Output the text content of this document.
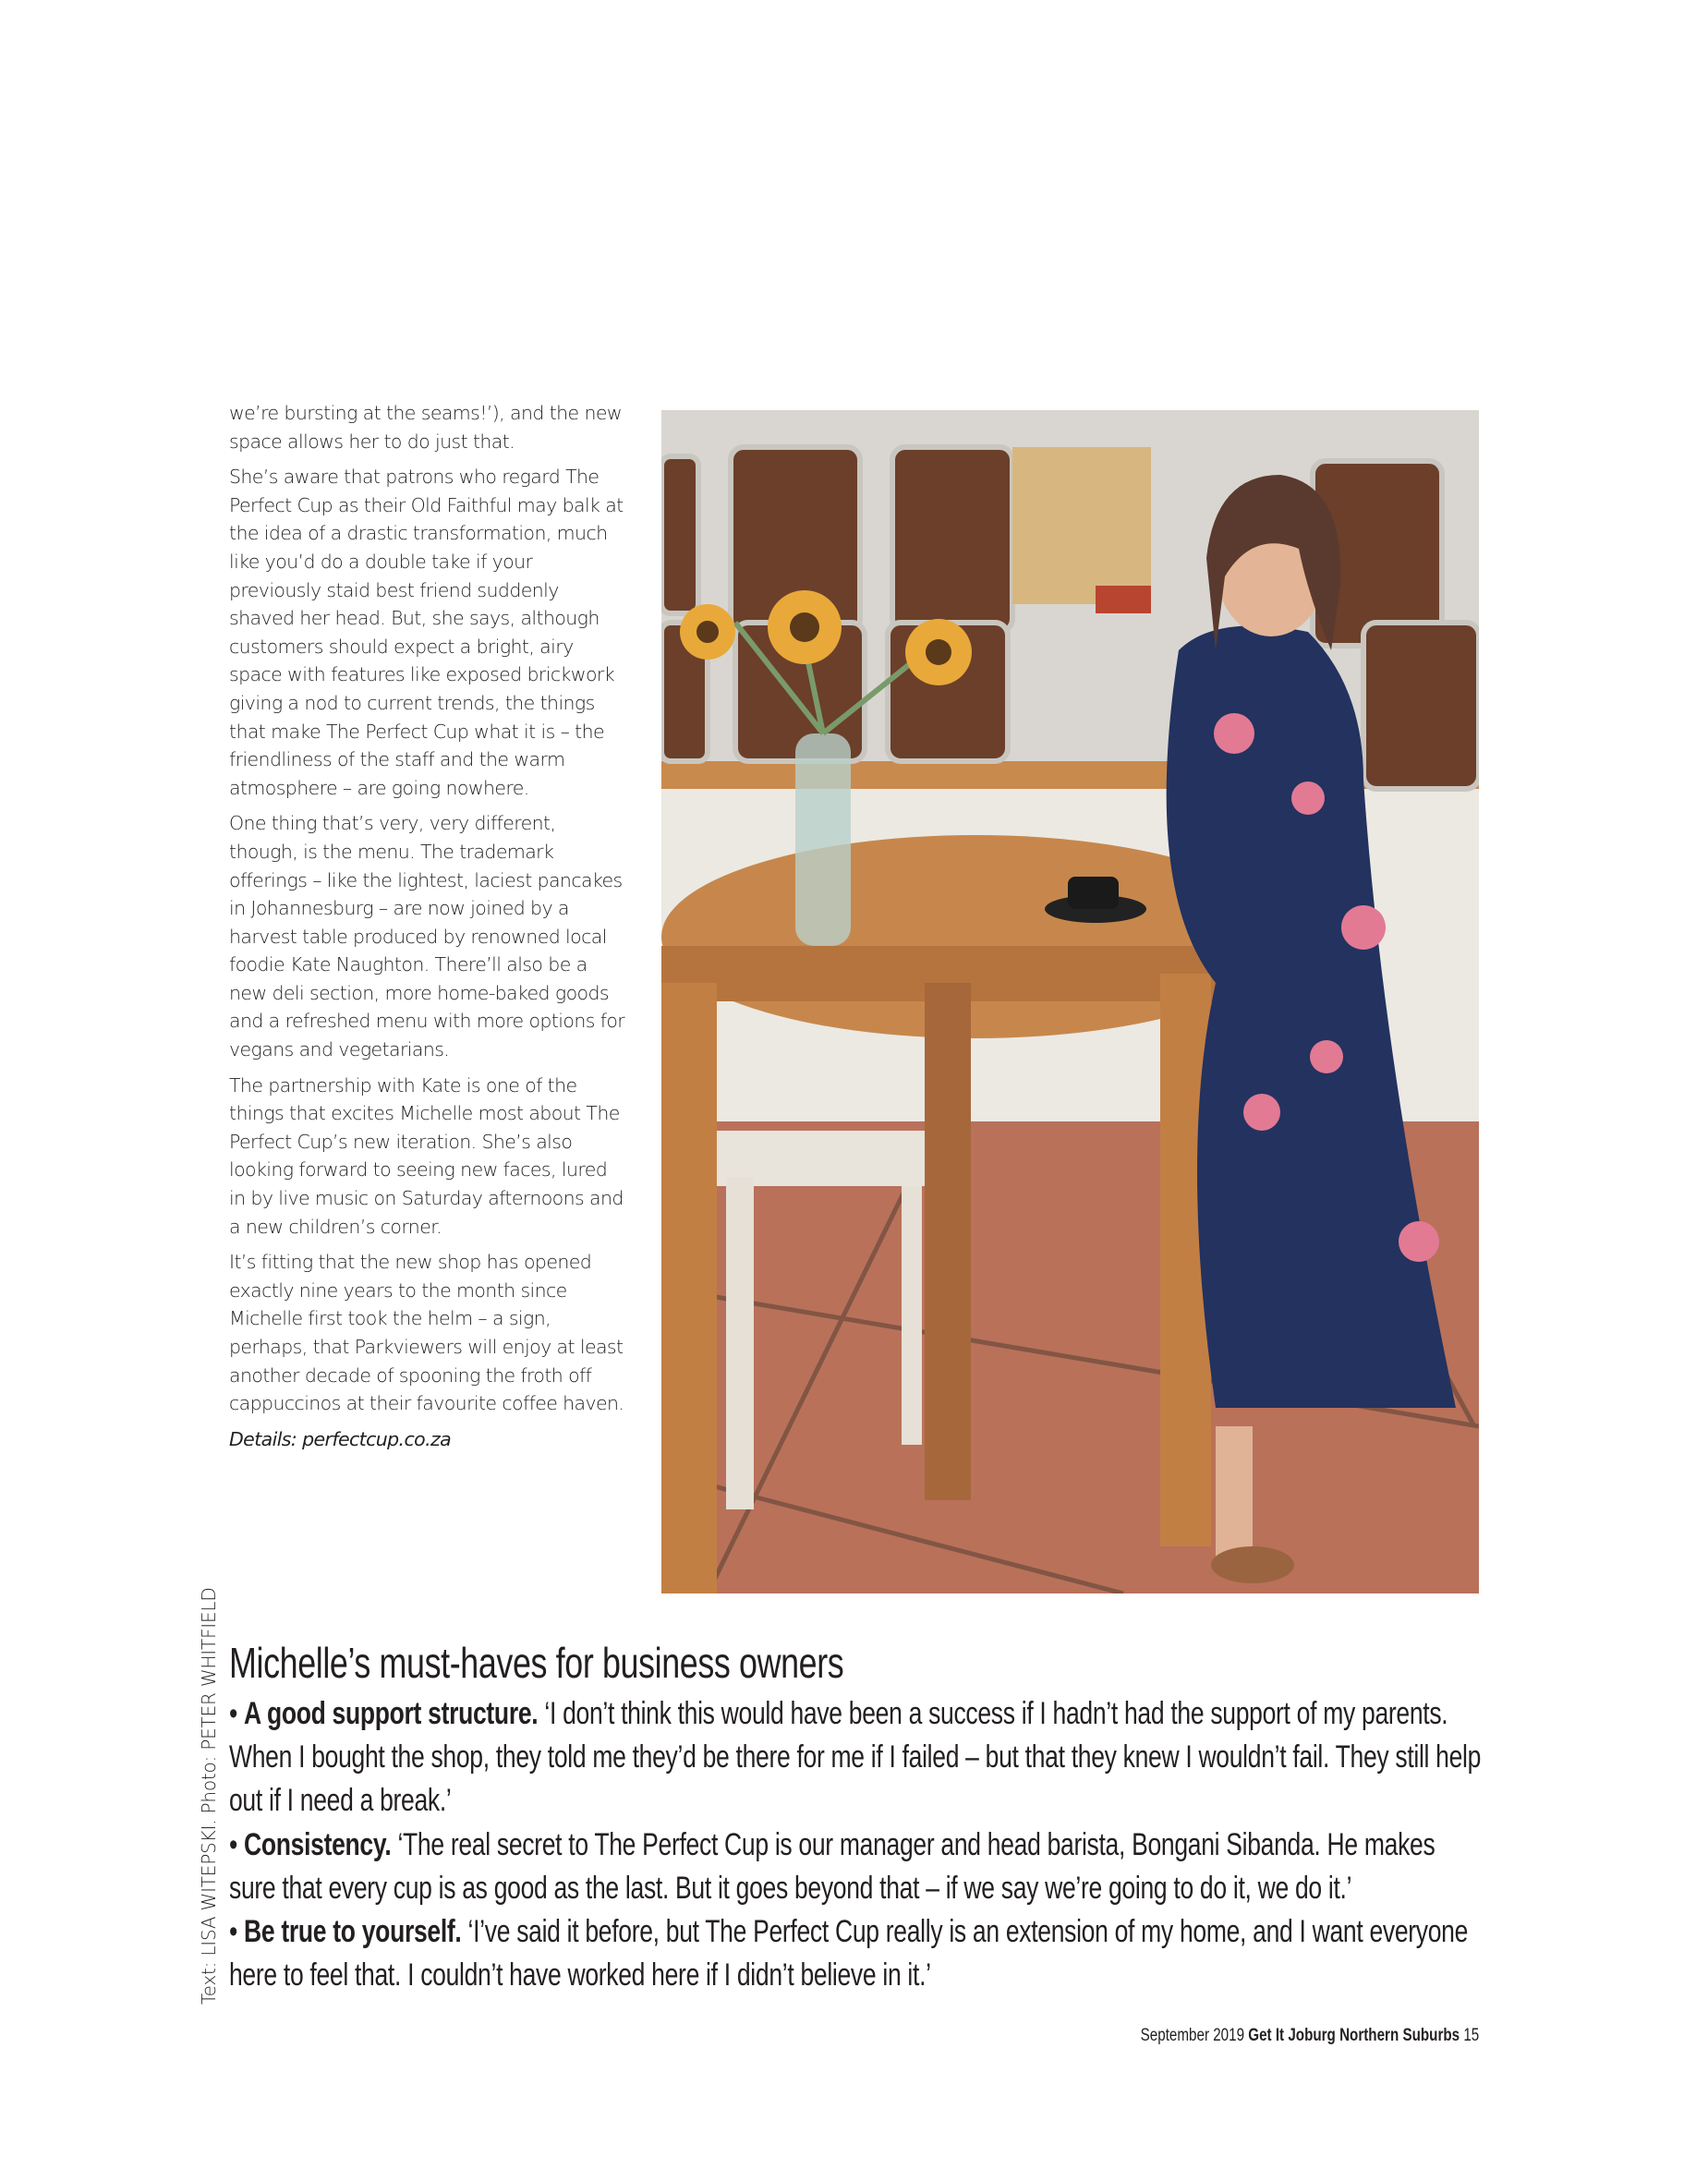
we’re bursting at the seams!’), and the new space allows her to do just that.

She’s aware that patrons who regard The Perfect Cup as their Old Faithful may balk at the idea of a drastic transformation, much like you’d do a double take if your previously staid best friend suddenly shaved her head. But, she says, although customers should expect a bright, airy space with features like exposed brickwork giving a nod to current trends, the things that make The Perfect Cup what it is – the friendliness of the staff and the warm atmosphere – are going nowhere.

One thing that’s very, very different, though, is the menu. The trademark offerings – like the lightest, laciest pancakes in Johannesburg – are now joined by a harvest table produced by renowned local foodie Kate Naughton. There’ll also be a new deli section, more home-baked goods and a refreshed menu with more options for vegans and vegetarians.

The partnership with Kate is one of the things that excites Michelle most about The Perfect Cup’s new iteration. She’s also looking forward to seeing new faces, lured in by live music on Saturday afternoons and a new children’s corner.

It’s fitting that the new shop has opened exactly nine years to the month since Michelle first took the helm – a sign, perhaps, that Parkviewers will enjoy at least another decade of spooning the froth off cappuccinos at their favourite coffee haven.

Details: perfectcup.co.za

Text: LISA WITEPSKI. Photo: PETER WHITFIELD Michelle’s must-haves for business owners

• A good support structure. ‘I don’t think this would have been a success if I hadn’t had the support of my parents. When I bought the shop, they told me they’d be there for me if I failed – but that they knew I wouldn’t fail. They still help out if I need a break.’

• Consistency. ‘The real secret to The Perfect Cup is our manager and head barista, Bongani Sibanda. He makes sure that every cup is as good as the last. But it goes beyond that – if we say we’re going to do it, we do it.’

• Be true to yourself. ‘I’ve said it before, but The Perfect Cup really is an extension of my home, and I want everyone here to feel that. I couldn’t have worked here if I didn’t believe in it.’

September 2019 Get It Joburg Northern Suburbs 15
